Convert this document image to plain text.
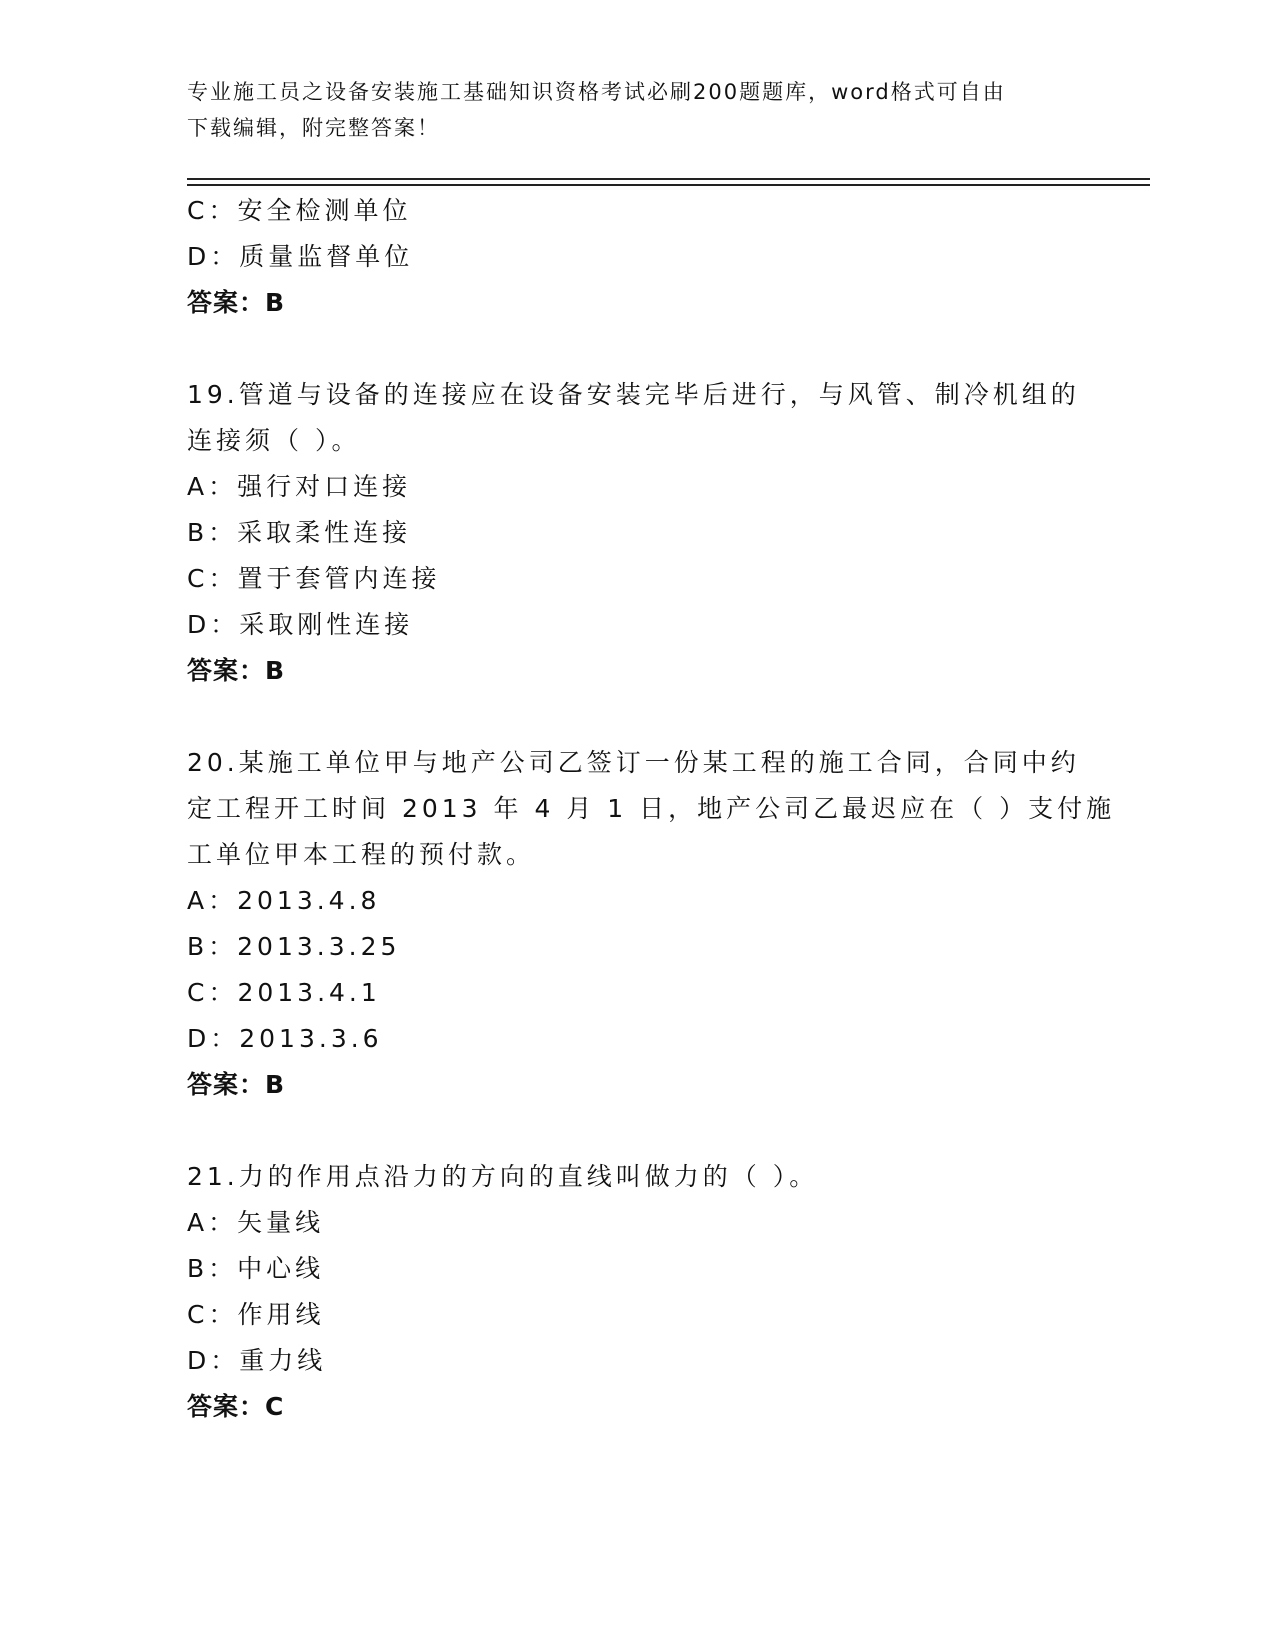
专业施工员之设备安装施工基础知识资格考试必刷200题题库，word格式可自由
下载编辑，附完整答案！
C：安全检测单位
D：质量监督单位
答案：B
19.管道与设备的连接应在设备安装完毕后进行，与风管、制冷机组的
连接须（ ）。
A：强行对口连接
B：采取柔性连接
C：置于套管内连接
D：采取刚性连接
答案：B
20.某施工单位甲与地产公司乙签订一份某工程的施工合同，合同中约
定工程开工时间 2013 年 4 月 1 日，地产公司乙最迟应在（ ）支付施
工单位甲本工程的预付款。
A：2013.4.8
B：2013.3.25
C：2013.4.1
D：2013.3.6
答案：B
21.力的作用点沿力的方向的直线叫做力的（ ）。
A：矢量线
B：中心线
C：作用线
D：重力线
答案：C
